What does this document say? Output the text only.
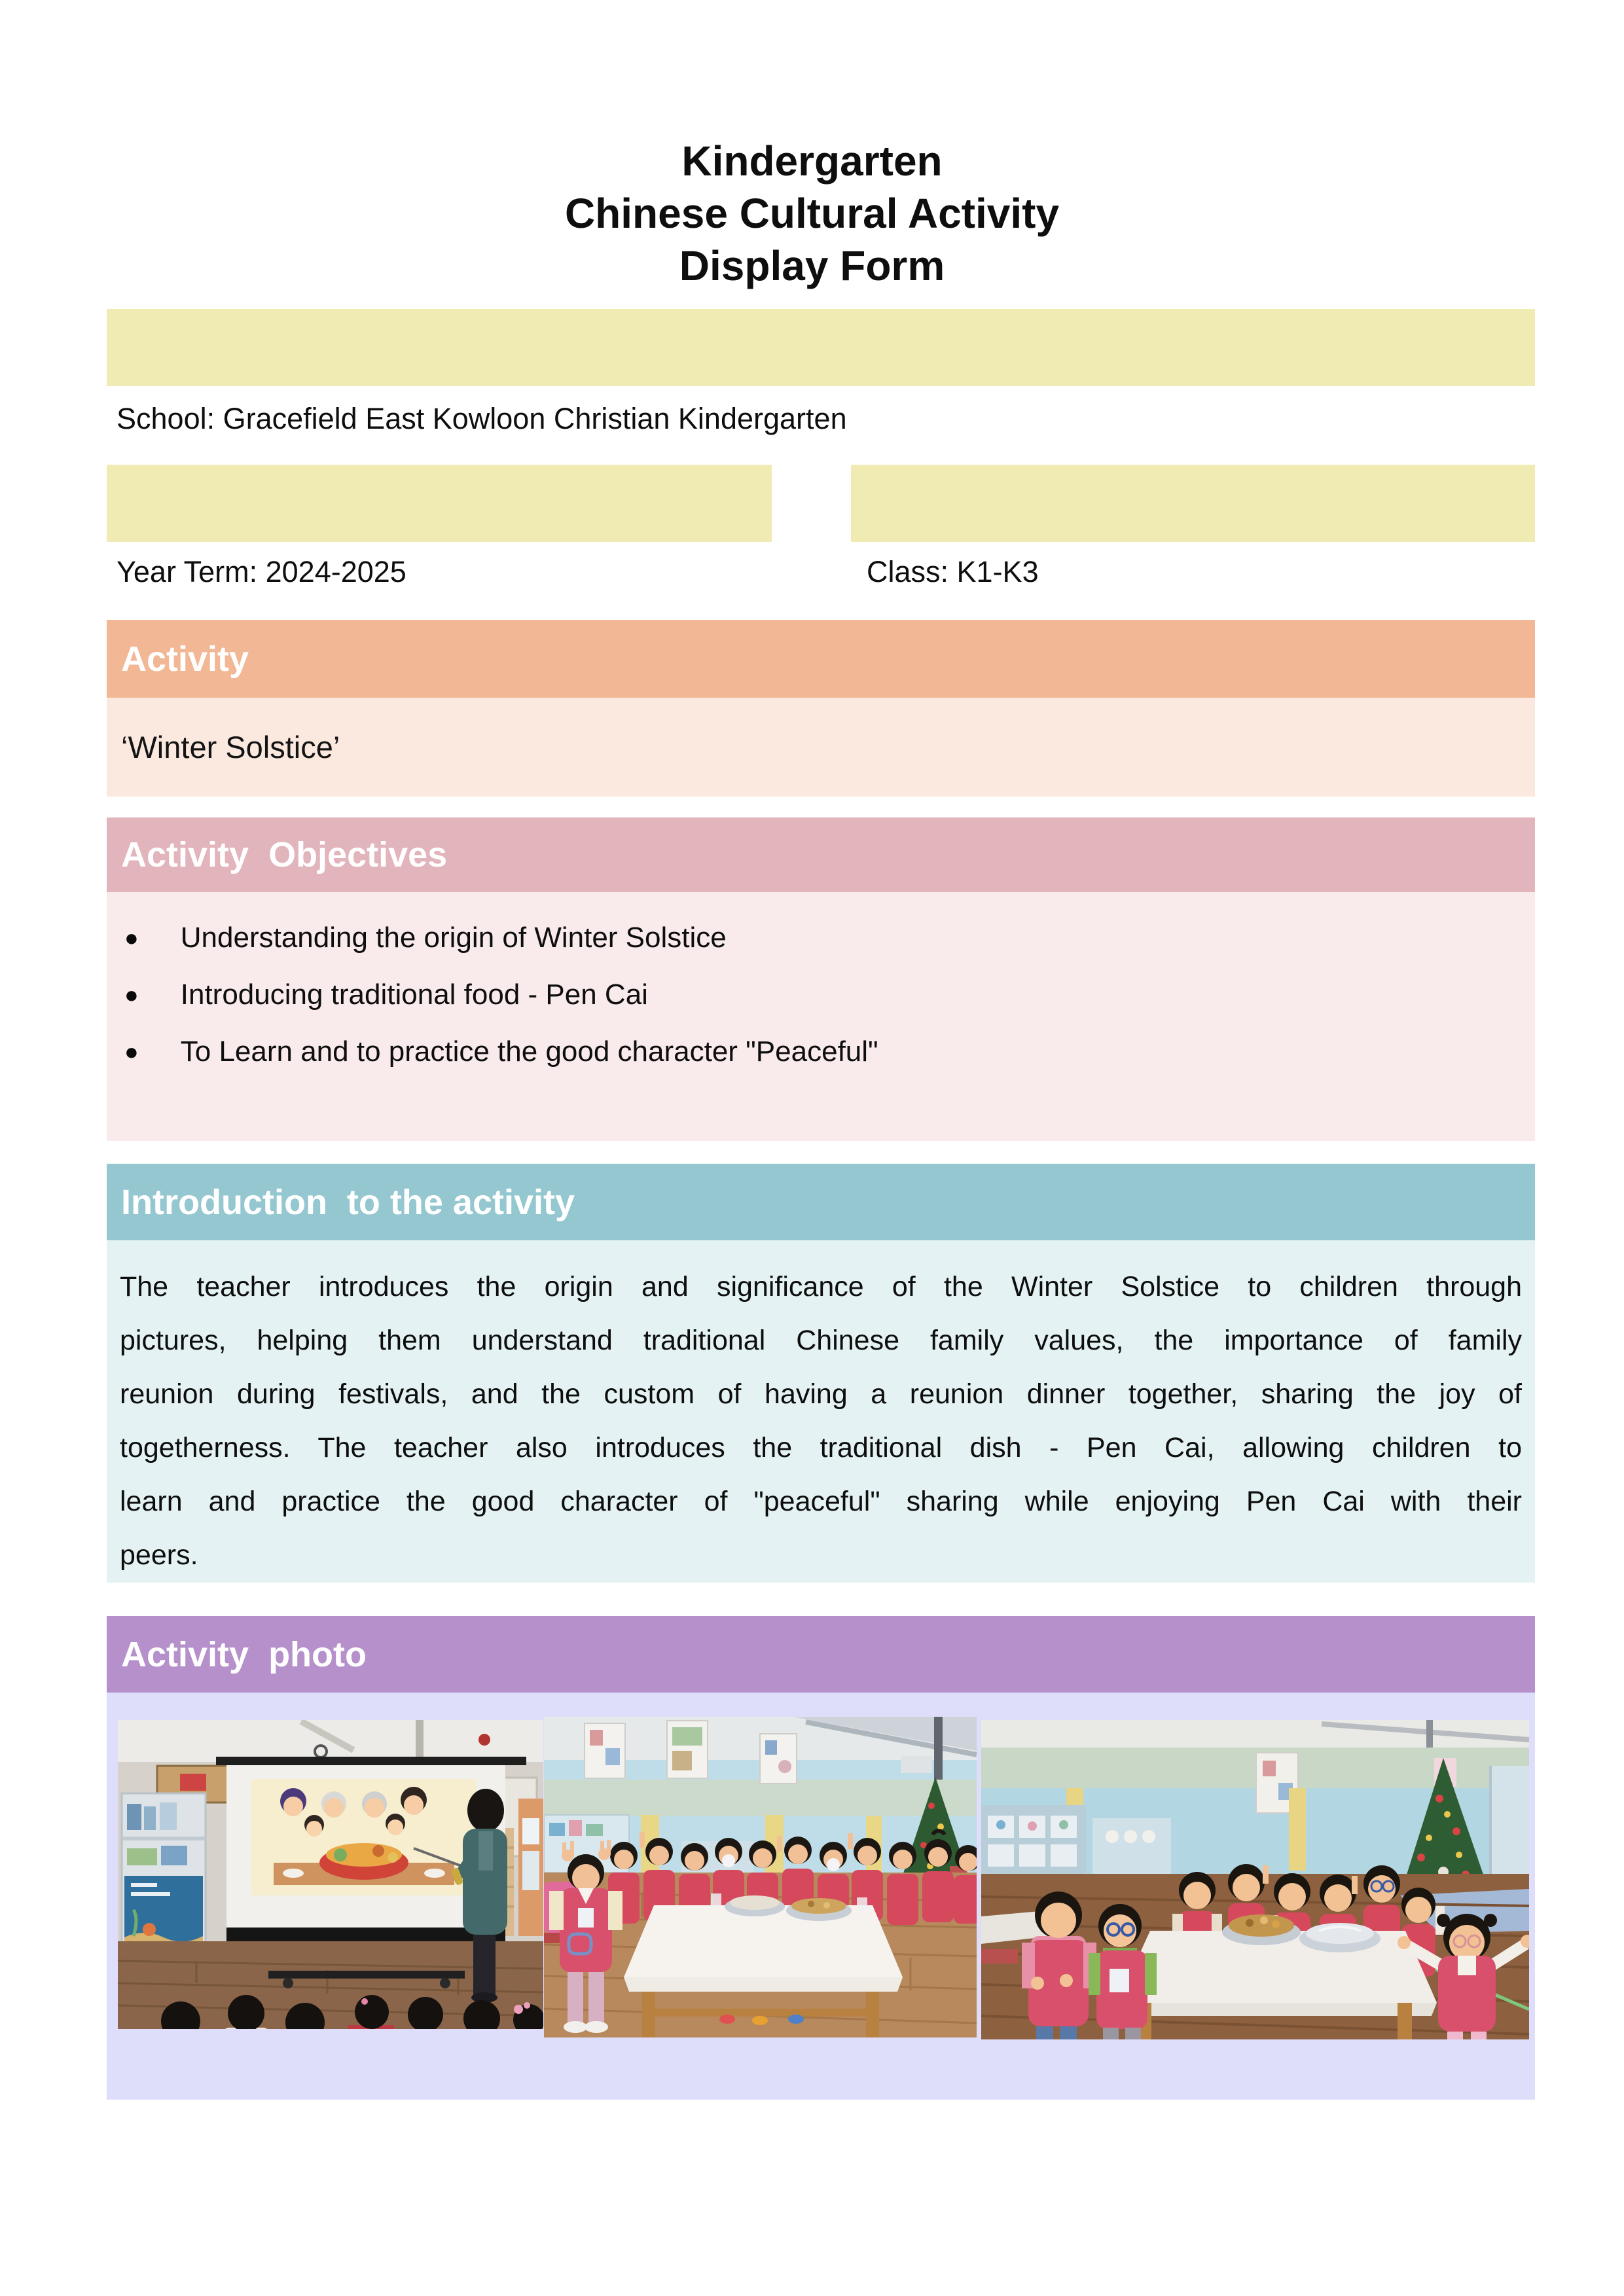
Kindergarten
Chinese Cultural Activity
Display Form
School: Gracefield East Kowloon Christian Kindergarten
Year Term: 2024-2025	Class: K1-K3
Activity
‘Winter Solstice’
Activity  Objectives
● Understanding the origin of Winter Solstice
● Introducing traditional food - Pen Cai
● To Learn and to practice the good character "Peaceful"
Introduction  to the activity
The teacher introduces the origin and significance of the Winter Solstice to children through
pictures, helping them understand traditional Chinese family values, the importance of family
reunion during festivals, and the custom of having a reunion dinner together, sharing the joy of
togetherness. The teacher also introduces the traditional dish - Pen Cai, allowing children to
learn and practice the good character of "peaceful" sharing while enjoying Pen Cai with their
peers.
Activity  photo
